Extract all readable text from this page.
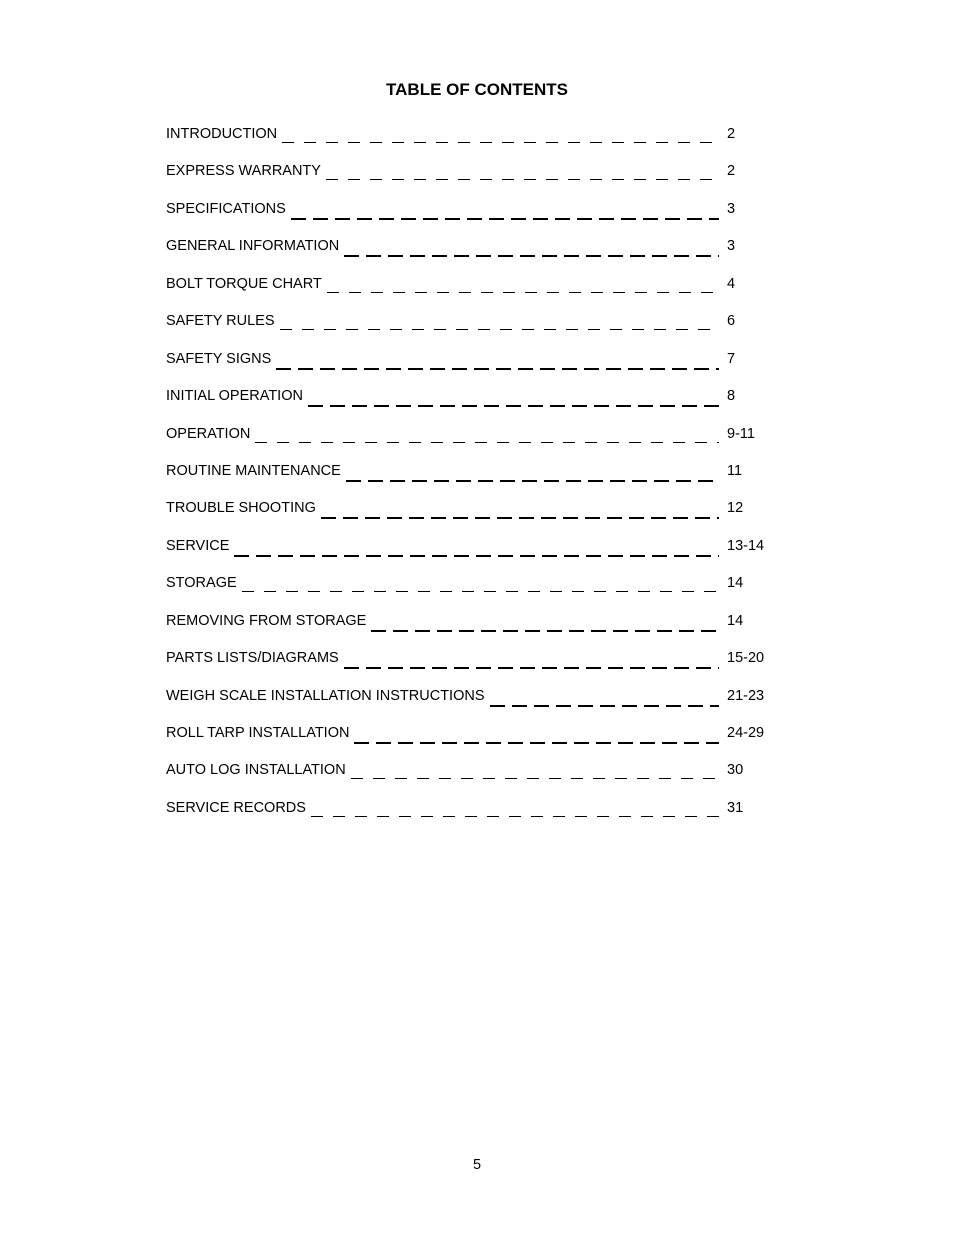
TABLE OF CONTENTS
INTRODUCTION	2
EXPRESS WARRANTY	2
SPECIFICATIONS	3
GENERAL INFORMATION	3
BOLT TORQUE CHART	4
SAFETY RULES	6
SAFETY SIGNS	7
INITIAL OPERATION	8
OPERATION	9-11
ROUTINE MAINTENANCE	11
TROUBLE SHOOTING	12
SERVICE	13-14
STORAGE	14
REMOVING FROM STORAGE	14
PARTS LISTS/DIAGRAMS	15-20
WEIGH SCALE INSTALLATION INSTRUCTIONS	21-23
ROLL TARP INSTALLATION	24-29
AUTO LOG INSTALLATION	30
SERVICE RECORDS	31
5
